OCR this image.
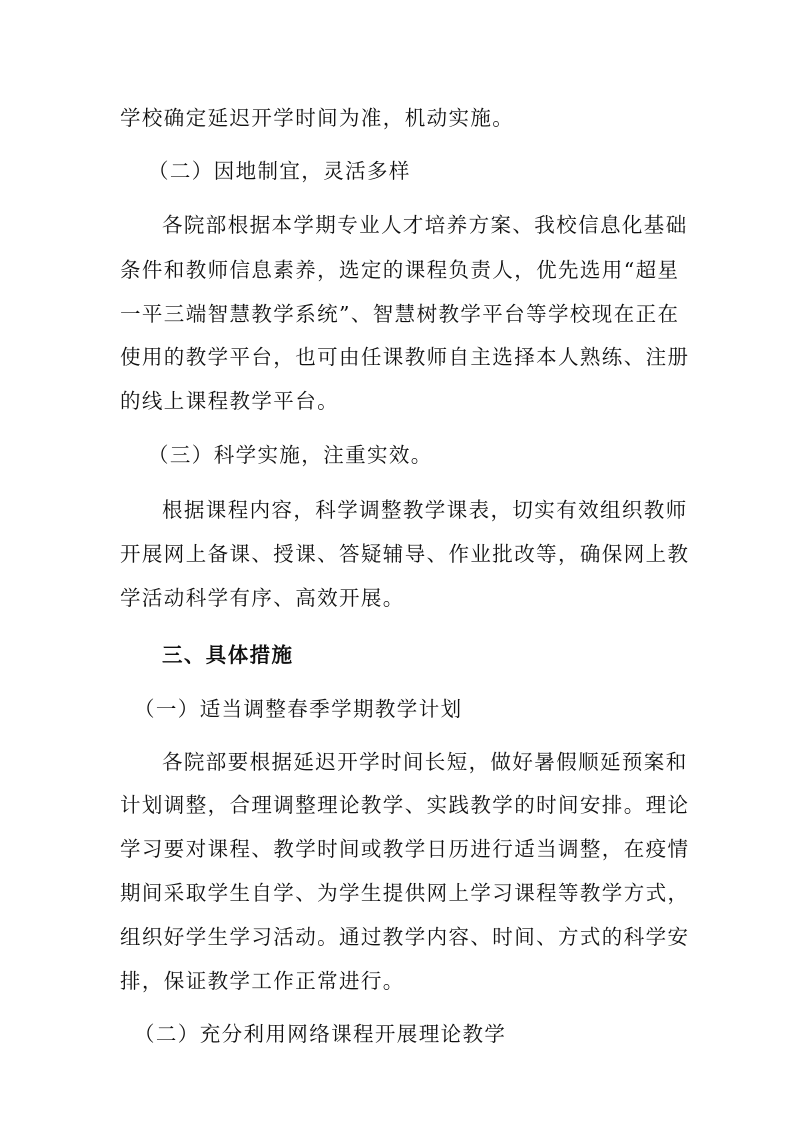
学校确定延迟开学时间为准，机动实施。
（二）因地制宜，灵活多样
各院部根据本学期专业人才培养方案、我校信息化基础
条件和教师信息素养，选定的课程负责人，优先选用“超星
一平三端智慧教学系统”、智慧树教学平台等学校现在正在
使用的教学平台，也可由任课教师自主选择本人熟练、注册
的线上课程教学平台。
（三）科学实施，注重实效。
根据课程内容，科学调整教学课表，切实有效组织教师
开展网上备课、授课、答疑辅导、作业批改等，确保网上教
学活动科学有序、高效开展。
三、具体措施
（一）适当调整春季学期教学计划
各院部要根据延迟开学时间长短，做好暑假顺延预案和
计划调整，合理调整理论教学、实践教学的时间安排。理论
学习要对课程、教学时间或教学日历进行适当调整，在疫情
期间采取学生自学、为学生提供网上学习课程等教学方式，
组织好学生学习活动。通过教学内容、时间、方式的科学安
排，保证教学工作正常进行。
（二）充分利用网络课程开展理论教学
